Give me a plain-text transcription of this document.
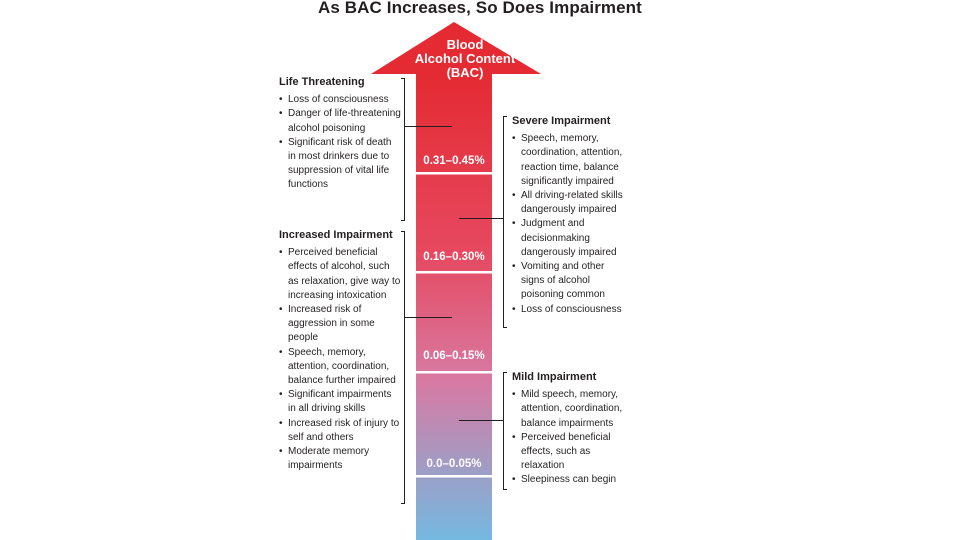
As BAC Increases, So Does Impairment
Blood
Alcohol Content
(BAC)
0.31–0.45%
0.16–0.30%
0.06–0.15%
0.0–0.05%
Life Threatening
• Loss of consciousness
• Danger of life-threatening alcohol poisoning
• Significant risk of death in most drinkers due to suppression of vital life functions
Increased Impairment
• Perceived beneficial effects of alcohol, such as relaxation, give way to increasing intoxication
• Increased risk of aggression in some people
• Speech, memory, attention, coordination, balance further impaired
• Significant impairments in all driving skills
• Increased risk of injury to self and others
• Moderate memory impairments
Severe Impairment
• Speech, memory, coordination, attention, reaction time, balance significantly impaired
• All driving-related skills dangerously impaired
• Judgment and decisionmaking dangerously impaired
• Vomiting and other signs of alcohol poisoning common
• Loss of consciousness
Mild Impairment
• Mild speech, memory, attention, coordination, balance impairments
• Perceived beneficial effects, such as relaxation
• Sleepiness can begin
